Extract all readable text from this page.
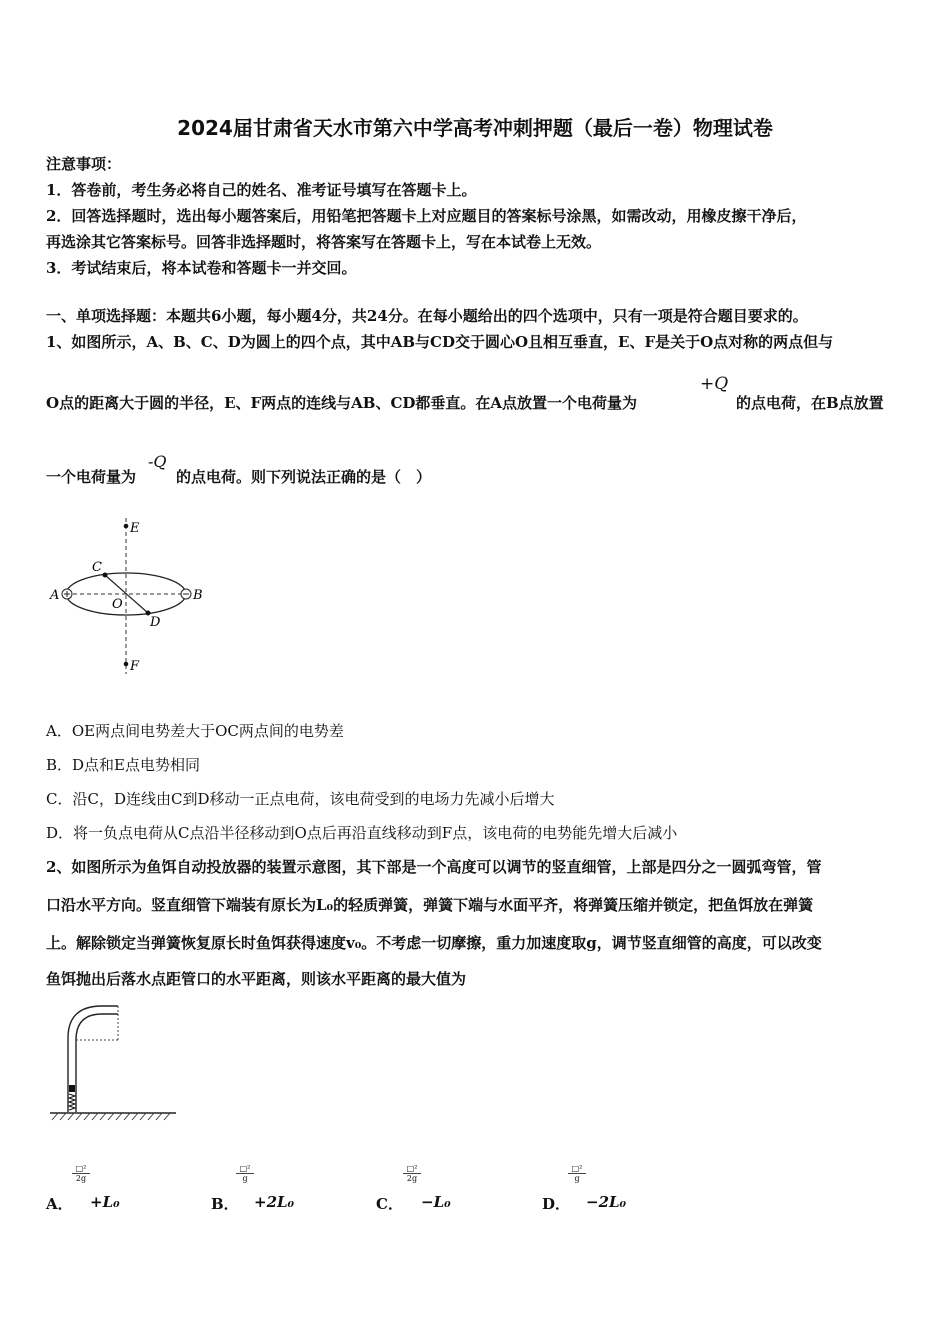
2024届甘肃省天水市第六中学高考冲刺押题（最后一卷）物理试卷
注意事项：
1．答卷前，考生务必将自己的姓名、准考证号填写在答题卡上。
2．回答选择题时，选出每小题答案后，用铅笔把答题卡上对应题目的答案标号涂黑，如需改动，用橡皮擦干净后，
再选涂其它答案标号。回答非选择题时，将答案写在答题卡上，写在本试卷上无效。
3．考试结束后，将本试卷和答题卡一并交回。
一、单项选择题：本题共6小题，每小题4分，共24分。在每小题给出的四个选项中，只有一项是符合题目要求的。
1、如图所示，A、B、C、D为圆上的四个点，其中AB与CD交于圆心O且相互垂直，E、F是关于O点对称的两点但与
O点的距离大于圆的半径，E、F两点的连线与AB、CD都垂直。在A点放置一个电荷量为
+Q
的点电荷，在B点放置
一个电荷量为
-Q
的点电荷。则下列说法正确的是（　）
E
C
A
O
B
D
F
A．OE两点间电势差大于OC两点间的电势差
B．D点和E点电势相同
C．沿C，D连线由C到D移动一正点电荷，该电荷受到的电场力先减小后增大
D．将一负点电荷从C点沿半径移动到O点后再沿直线移动到F点，该电荷的电势能先增大后减小
2、如图所示为鱼饵自动投放器的装置示意图，其下部是一个高度可以调节的竖直细管，上部是四分之一圆弧弯管，管
口沿水平方向。竖直细管下端装有原长为L₀的轻质弹簧，弹簧下端与水面平齐，将弹簧压缩并锁定，把鱼饵放在弹簧
上。解除锁定当弹簧恢复原长时鱼饵获得速度v₀。不考虑一切摩擦，重力加速度取g，调节竖直细管的高度，可以改变
鱼饵抛出后落水点距管口的水平距离，则该水平距离的最大值为
A．
□²
2g
+L₀	B．
□²
g
+2L₀	C．
□²
2g
−L₀	D．
□²
g
−2L₀
